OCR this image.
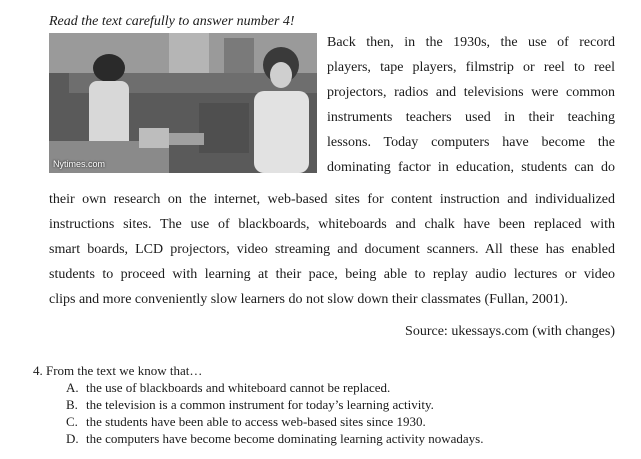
Read the text carefully to answer number 4!
Nytimes.com
Back then, in the 1930s, the use of record
players, tape players, filmstrip or reel to reel
projectors, radios and televisions were common
instruments teachers used in their teaching
lessons. Today computers have become the
dominating factor in education, students can do
their own research on the internet, web-based sites for content instruction and individualized
instructions sites. The use of blackboards, whiteboards and chalk have been replaced with
smart boards, LCD projectors, video streaming and document scanners. All these has enabled
students to proceed with learning at their pace, being able to replay audio lectures or video
clips and more conveniently slow learners do not slow down their classmates (Fullan, 2001).
Source: ukessays.com (with changes)
4. From the text we know that…
A. the use of blackboards and whiteboard cannot be replaced.
B. the television is a common instrument for today’s learning activity.
C. the students have been able to access web-based sites since 1930.
D. the computers have become become dominating learning activity nowadays.
